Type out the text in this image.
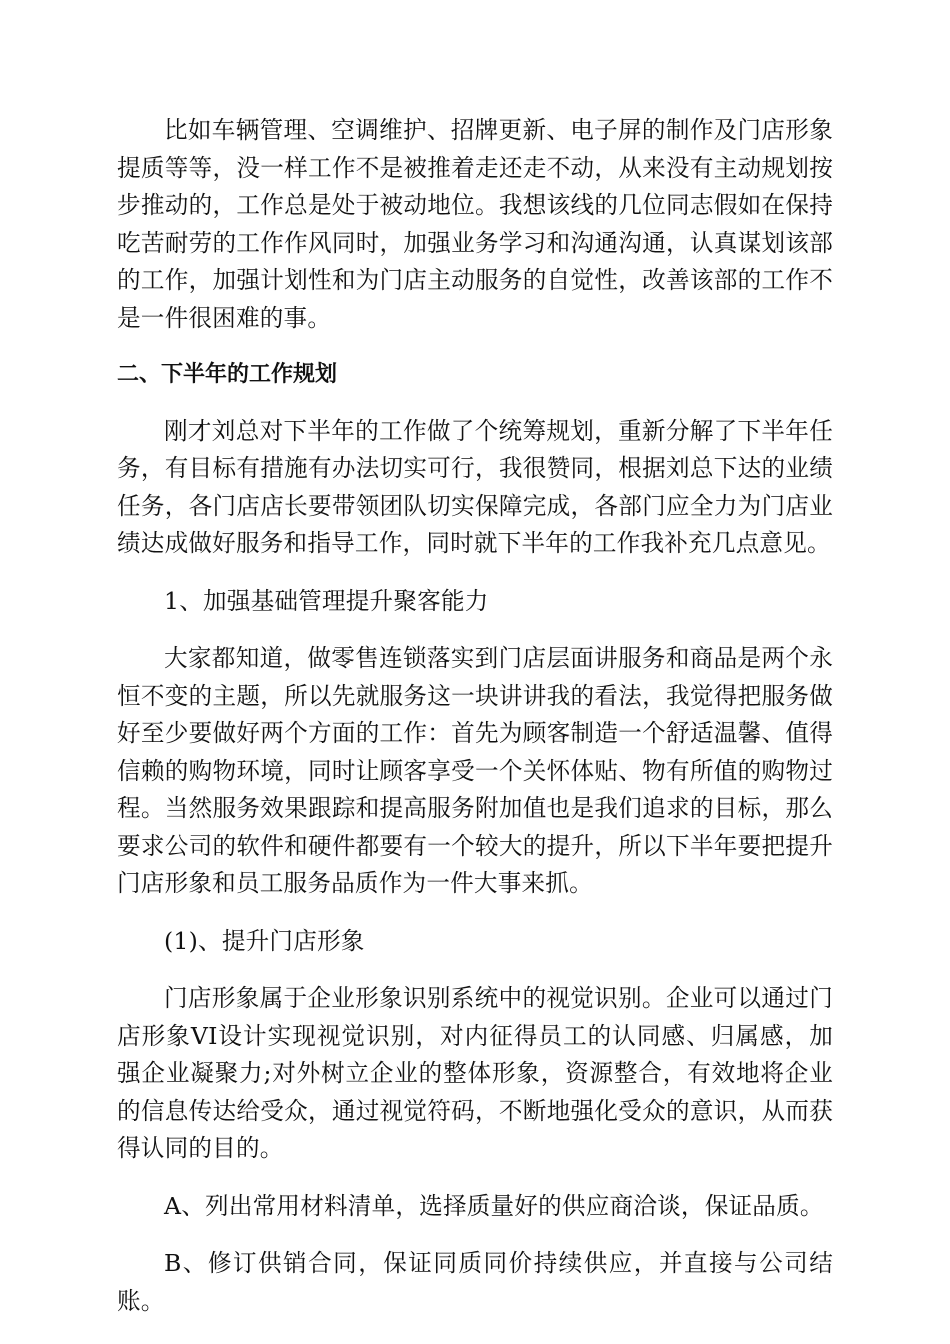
比如车辆管理、空调维护、招牌更新、电子屏的制作及门店形象提质等等，没一样工作不是被推着走还走不动，从来没有主动规划按步推动的，工作总是处于被动地位。我想该线的几位同志假如在保持吃苦耐劳的工作作风同时，加强业务学习和沟通沟通，认真谋划该部的工作，加强计划性和为门店主动服务的自觉性，改善该部的工作不是一件很困难的事。

二、下半年的工作规划

刚才刘总对下半年的工作做了个统筹规划，重新分解了下半年任务，有目标有措施有办法切实可行，我很赞同，根据刘总下达的业绩任务，各门店店长要带领团队切实保障完成，各部门应全力为门店业绩达成做好服务和指导工作，同时就下半年的工作我补充几点意见。

1、加强基础管理提升聚客能力

大家都知道，做零售连锁落实到门店层面讲服务和商品是两个永恒不变的主题，所以先就服务这一块讲讲我的看法，我觉得把服务做好至少要做好两个方面的工作：首先为顾客制造一个舒适温馨、值得信赖的购物环境，同时让顾客享受一个关怀体贴、物有所值的购物过程。当然服务效果跟踪和提高服务附加值也是我们追求的目标，那么要求公司的软件和硬件都要有一个较大的提升，所以下半年要把提升门店形象和员工服务品质作为一件大事来抓。

(1)、提升门店形象

门店形象属于企业形象识别系统中的视觉识别。企业可以通过门店形象VI设计实现视觉识别，对内征得员工的认同感、归属感，加强企业凝聚力;对外树立企业的整体形象，资源整合，有效地将企业的信息传达给受众，通过视觉符码，不断地强化受众的意识，从而获得认同的目的。

A、列出常用材料清单，选择质量好的供应商洽谈，保证品质。

B、修订供销合同，保证同质同价持续供应，并直接与公司结账。
